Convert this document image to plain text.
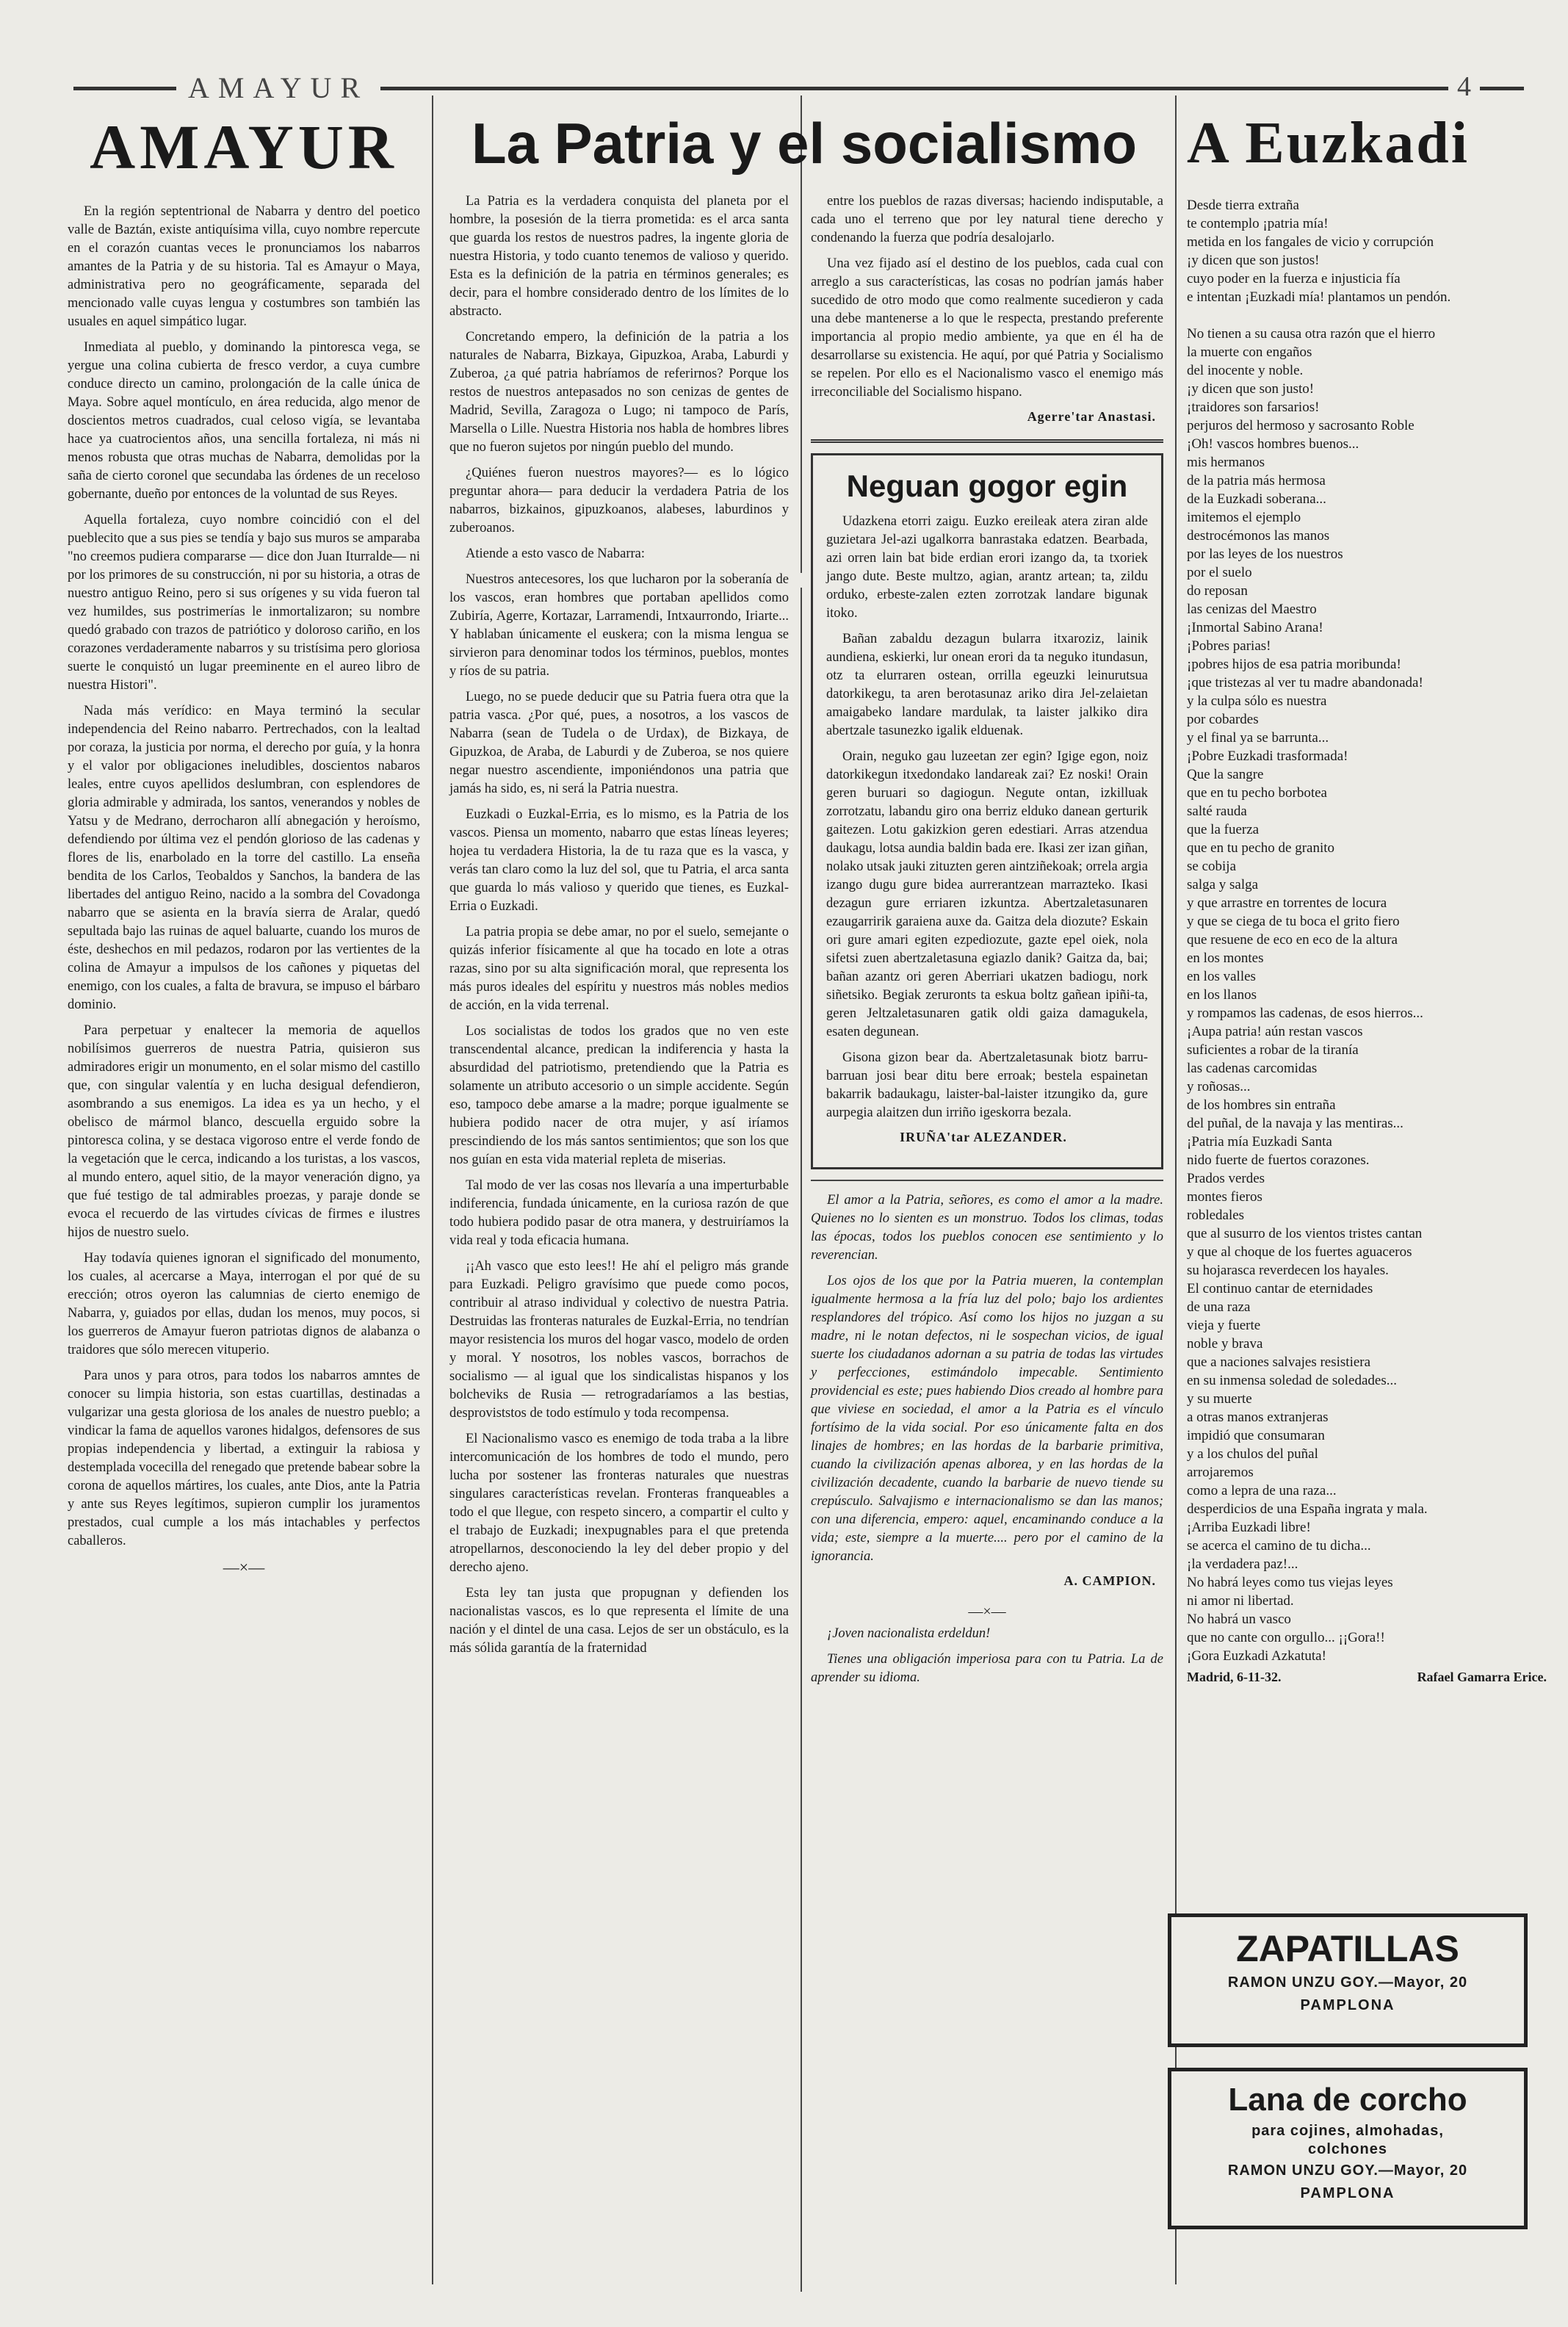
AMAYUR	4
AMAYUR

En la región septentrional de Nabarra y dentro del poetico valle de Baztán, existe antiquísima villa, cuyo nombre repercute en el corazón cuantas veces le pronunciamos los nabarros amantes de la Patria y de su historia. Tal es Amayur o Maya, administrativa pero no geográficamente, separada del mencionado valle cuyas lengua y costumbres son también las usuales en aquel simpático lugar.

Inmediata al pueblo, y dominando la pintoresca vega, se yergue una colina cubierta de fresco verdor, a cuya cumbre conduce directo un camino, prolongación de la calle única de Maya. Sobre aquel montículo, en área reducida, algo menor de doscientos metros cuadrados, cual celoso vigía, se levantaba hace ya cuatrocientos años, una sencilla fortaleza, ni más ni menos robusta que otras muchas de Nabarra, demolidas por la saña de cierto coronel que secundaba las órdenes de un receloso gobernante, dueño por entonces de la voluntad de sus Reyes.

Aquella fortaleza, cuyo nombre coincidió con el del pueblecito que a sus pies se tendía y bajo sus muros se amparaba "no creemos pudiera compararse — dice don Juan Iturralde— ni por los primores de su construcción, ni por su historia, a otras de nuestro antiguo Reino, pero si sus orígenes y su vida fueron tal vez humildes, sus postrimerías le inmortalizaron; su nombre quedó grabado con trazos de patriótico y doloroso cariño, en los corazones verdaderamente nabarros y su tristísima pero gloriosa suerte le conquistó un lugar preeminente en el aureo libro de nuestra Histori".

Nada más verídico: en Maya terminó la secular independencia del Reino nabarro. Pertrechados, con la lealtad por coraza, la justicia por norma, el derecho por guía, y la honra y el valor por obligaciones ineludibles, doscientos nabaros leales, entre cuyos apellidos deslumbran, con esplendores de gloria admirable y admirada, los santos, venerandos y nobles de Yatsu y de Medrano, derrocharon allí abnegación y heroísmo, defendiendo por última vez el pendón glorioso de las cadenas y flores de lis, enarbolado en la torre del castillo. La enseña bendita de los Carlos, Teobaldos y Sanchos, la bandera de las libertades del antiguo Reino, nacido a la sombra del Covadonga nabarro que se asienta en la bravía sierra de Aralar, quedó sepultada bajo las ruinas de aquel baluarte, cuando los muros de éste, deshechos en mil pedazos, rodaron por las vertientes de la colina de Amayur a impulsos de los cañones y piquetas del enemigo, con los cuales, a falta de bravura, se impuso el bárbaro dominio.

Para perpetuar y enaltecer la memoria de aquellos nobilísimos guerreros de nuestra Patria, quisieron sus admiradores erigir un monumento, en el solar mismo del castillo que, con singular valentía y en lucha desigual defendieron, asombrando a sus enemigos. La idea es ya un hecho, y el obelisco de mármol blanco, descuella erguido sobre la pintoresca colina, y se destaca vigoroso entre el verde fondo de la vegetación que le cerca, indicando a los turistas, a los vascos, al mundo entero, aquel sitio, de la mayor veneración digno, ya que fué testigo de tal admirables proezas, y paraje donde se evoca el recuerdo de las virtudes cívicas de firmes e ilustres hijos de nuestro suelo.

Hay todavía quienes ignoran el significado del monumento, los cuales, al acercarse a Maya, interrogan el por qué de su erección; otros oyeron las calumnias de cierto enemigo de Nabarra, y, guiados por ellas, dudan los menos, muy pocos, si los guerreros de Amayur fueron patriotas dignos de alabanza o traidores que sólo merecen vituperio.

Para unos y para otros, para todos los nabarros amntes de conocer su limpia historia, son estas cuartillas, destinadas a vulgarizar una gesta gloriosa de los anales de nuestro pueblo; a vindicar la fama de aquellos varones hidalgos, defensores de sus propias independencia y libertad, a extinguir la rabiosa y destemplada vocecilla del renegado que pretende babear sobre la corona de aquellos mártires, los cuales, ante Dios, ante la Patria y ante sus Reyes legítimos, supieron cumplir los juramentos prestados, cual cumple a los más intachables y perfectos caballeros.

—×—
La Patria y el socialismo

La Patria es la verdadera conquista del planeta por el hombre, la posesión de la tierra prometida: es el arca santa que guarda los restos de nuestros padres, la ingente gloria de nuestra Historia, y todo cuanto tenemos de valioso y querido. Esta es la definición de la patria en términos generales; es decir, para el hombre considerado dentro de los límites de lo abstracto.

Concretando empero, la definición de la patria a los naturales de Nabarra, Bizkaya, Gipuzkoa, Araba, Laburdi y Zuberoa, ¿a qué patria habríamos de referirnos? Porque los restos de nuestros antepasados no son cenizas de gentes de Madrid, Sevilla, Zaragoza o Lugo; ni tampoco de París, Marsella o Lille. Nuestra Historia nos habla de hombres libres que no fueron sujetos por ningún pueblo del mundo.

¿Quiénes fueron nuestros mayores?— es lo lógico preguntar ahora— para deducir la verdadera Patria de los nabarros, bizkainos, gipuzkoanos, alabeses, laburdinos y zuberoanos.

Atiende a esto vasco de Nabarra:

Nuestros antecesores, los que lucharon por la soberanía de los vascos, eran hombres que portaban apellidos como Zubiría, Agerre, Kortazar, Larramendi, Intxaurrondo, Iriarte... Y hablaban únicamente el euskera; con la misma lengua se sirvieron para denominar todos los términos, pueblos, montes y ríos de su patria.

Luego, no se puede deducir que su Patria fuera otra que la patria vasca. ¿Por qué, pues, a nosotros, a los vascos de Nabarra (sean de Tudela o de Urdax), de Bizkaya, de Gipuzkoa, de Araba, de Laburdi y de Zuberoa, se nos quiere negar nuestro ascendiente, imponiéndonos una patria que jamás ha sido, es, ni será la Patria nuestra.

Euzkadi o Euzkal-Erria, es lo mismo, es la Patria de los vascos. Piensa un momento, nabarro que estas líneas leyeres; hojea tu verdadera Historia, la de tu raza que es la vasca, y verás tan claro como la luz del sol, que tu Patria, el arca santa que guarda lo más valioso y querido que tienes, es Euzkal-Erria o Euzkadi.

La patria propia se debe amar, no por el suelo, semejante o quizás inferior físicamente al que ha tocado en lote a otras razas, sino por su alta significación moral, que representa los más puros ideales del espíritu y nuestros más nobles medios de acción, en la vida terrenal.

Los socialistas de todos los grados que no ven este transcendental alcance, predican la indiferencia y hasta la absurdidad del patriotismo, pretendiendo que la Patria es solamente un atributo accesorio o un simple accidente. Según eso, tampoco debe amarse a la madre; porque igualmente se hubiera podido nacer de otra mujer, y así iríamos prescindiendo de los más santos sentimientos; que son los que nos guían en esta vida material repleta de miserias.

Tal modo de ver las cosas nos llevaría a una imperturbable indiferencia, fundada únicamente, en la curiosa razón de que todo hubiera podido pasar de otra manera, y destruiríamos la vida real y toda eficacia humana.

¡¡Ah vasco que esto lees!! He ahí el peligro más grande para Euzkadi. Peligro gravísimo que puede como pocos, contribuir al atraso individual y colectivo de nuestra Patria. Destruidas las fronteras naturales de Euzkal-Erria, no tendrían mayor resistencia los muros del hogar vasco, modelo de orden y moral. Y nosotros, los nobles vascos, borrachos de socialismo — al igual que los sindicalistas hispanos y los bolcheviks de Rusia — retrogradaríamos a las bestias, desproviststos de todo estímulo y toda recompensa.

El Nacionalismo vasco es enemigo de toda traba a la libre intercomunicación de los hombres de todo el mundo, pero lucha por sostener las fronteras naturales que nuestras singulares características revelan. Fronteras franqueables a todo el que llegue, con respeto sincero, a compartir el culto y el trabajo de Euzkadi; inexpugnables para el que pretenda atropellarnos, desconociendo la ley del deber propio y del derecho ajeno.

Esta ley tan justa que propugnan y defienden los nacionalistas vascos, es lo que representa el límite de una nación y el dintel de una casa. Lejos de ser un obstáculo, es la más sólida garantía de la fraternidad

entre los pueblos de razas diversas; haciendo indisputable, a cada uno el terreno que por ley natural tiene derecho y condenando la fuerza que podría desalojarlo.

Una vez fijado así el destino de los pueblos, cada cual con arreglo a sus características, las cosas no podrían jamás haber sucedido de otro modo que como realmente sucedieron y cada una debe mantenerse a lo que le respecta, prestando preferente importancia al propio medio ambiente, ya que en él ha de desarrollarse su existencia. He aquí, por qué Patria y Socialismo se repelen. Por ello es el Nacionalismo vasco el enemigo más irreconciliable del Socialismo hispano.

Agerre'tar Anastasi.
Neguan gogor egin

Udazkena etorri zaigu. Euzko ereileak atera ziran alde guzietara Jel-azi ugalkorra banrastaka edatzen. Bearbada, azi orren lain bat bide erdian erori izango da, ta txoriek jango dute. Beste multzo, agian, arantz artean; ta, zildu orduko, erbeste-zalen ezten zorrotzak landare bigunak itoko.

Bañan zabaldu dezagun bularra itxaroziz, lainik aundiena, eskierki, lur onean erori da ta neguko itundasun, otz ta elurraren ostean, orrilla egeuzki leinurutsua datorkikegu, ta aren berotasunaz ariko dira Jel-zelaietan amaigabeko landare mardulak, ta laister jalkiko dira abertzale tasunezko igalik elduenak.

Orain, neguko gau luzeetan zer egin? Igige egon, noiz datorkikegun itxedondako landareak zai? Ez noski! Orain geren buruari so dagiogun. Negute ontan, izkilluak zorrotzatu, labandu giro ona berriz elduko danean gerturik gaitezen. Lotu gakizkion geren edestiari. Arras atzendua daukagu, lotsa aundia baldin bada ere. Ikasi zer izan giñan, nolako utsak jauki zituzten geren aintziñekoak; orrela argia izango dugu gure bidea aurrerantzean marrazteko. Ikasi dezagun gure erriaren izkuntza. Abertzaletasunaren ezaugarririk garaiena auxe da. Gaitza dela diozute? Eskain ori gure amari egiten ezpediozute, gazte epel oiek, nola sifetsi zuen abertzaletasuna egiazlo danik? Gaitza da, bai; bañan azantz ori geren Aberriari ukatzen badiogu, nork siñetsiko. Begiak zeruronts ta eskua boltz gañean ipiñi-ta, geren Jeltzaletasunaren gatik oldi gaiza damagukela, esaten degunean.

Gisona gizon bear da. Abertzaletasunak biotz barru-barruan josi bear ditu bere erroak; bestela espainetan bakarrik badaukagu, laister-bal-laister itzungiko da, gure aurpegia alaitzen dun irriño igeskorra bezala.

IRUÑA'tar ALEZANDER.

El amor a la Patria, señores, es como el amor a la madre. Quienes no lo sienten es un monstruo. Todos los climas, todas las épocas, todos los pueblos conocen ese sentimiento y lo reverencian.

Los ojos de los que por la Patria mueren, la contemplan igualmente hermosa a la fría luz del polo; bajo los ardientes resplandores del trópico. Así como los hijos no juzgan a su madre, ni le notan defectos, ni le sospechan vicios, de igual suerte los ciudadanos adornan a su patria de todas las virtudes y perfecciones, estimándolo impecable. Sentimiento providencial es este; pues habiendo Dios creado al hombre para que viviese en sociedad, el amor a la Patria es el vínculo fortísimo de la vida social. Por eso únicamente falta en dos linajes de hombres; en las hordas de la barbarie primitiva, cuando la civilización apenas alborea, y en las hordas de la civilización decadente, cuando la barbarie de nuevo tiende su crepúsculo. Salvajismo e internacionalismo se dan las manos; con una diferencia, empero: aquel, encaminando conduce a la vida; este, siempre a la muerte.... pero por el camino de la ignorancia.

A. CAMPION.
—×—

¡Joven nacionalista erdeldun!

Tienes una obligación imperiosa para con tu Patria. La de aprender su idioma.

A Euzkadi
Desde tierra extraña
te contemplo ¡patria mía!
metida en los fangales de vicio y corrupción
¡y dicen que son justos!
cuyo poder en la fuerza e injusticia fía
e intentan ¡Euzkadi mía! plantamos un pendón.

No tienen a su causa otra razón que el hierro
la muerte con engaños
del inocente y noble.
¡y dicen que son justo!
¡traidores son farsarios!
perjuros del hermoso y sacrosanto Roble
¡Oh! vascos hombres buenos...
mis hermanos
de la patria más hermosa
de la Euzkadi soberana...
imitemos el ejemplo
destrocémonos las manos
por las leyes de los nuestros
por el suelo
do reposan
las cenizas del Maestro
¡Inmortal Sabino Arana!
¡Pobres parias!
¡pobres hijos de esa patria moribunda!
¡que tristezas al ver tu madre abandonada!
y la culpa sólo es nuestra
por cobardes
y el final ya se barrunta...
¡Pobre Euzkadi trasformada!
Que la sangre
que en tu pecho borbotea
salté rauda
que la fuerza
que en tu pecho de granito
se cobija
salga y salga
y que arrastre en torrentes de locura
y que se ciega de tu boca el grito fiero
que resuene de eco en eco de la altura
en los montes
en los valles
en los llanos
y rompamos las cadenas, de esos hierros...
¡Aupa patria! aún restan vascos
suficientes a robar de la tiranía
las cadenas carcomidas
y roñosas...
de los hombres sin entraña
del puñal, de la navaja y las mentiras...
¡Patria mía Euzkadi Santa
nido fuerte de fuertos corazones.
Prados verdes
montes fieros
robledales
que al susurro de los vientos tristes cantan
y que al choque de los fuertes aguaceros
su hojarasca reverdecen los hayales.
El continuo cantar de eternidades
de una raza
vieja y fuerte
noble y brava
que a naciones salvajes resistiera
en su inmensa soledad de soledades...
y su muerte
a otras manos extranjeras
impidió que consumaran
y a los chulos del puñal
arrojaremos
como a lepra de una raza...
desperdicios de una España ingrata y mala.
¡Arriba Euzkadi libre!
se acerca el camino de tu dicha...
¡la verdadera paz!...
No habrá leyes como tus viejas leyes
ni amor ni libertad.
No habrá un vasco
que no cante con orgullo... ¡¡Gora!!
¡Gora Euzkadi Azkatuta!
Madrid, 6-11-32.	Rafael Gamarra Erice.
ZAPATILLAS
RAMON UNZU GOY.—Mayor, 20
PAMPLONA
Lana de corcho
para cojines, almohadas,
colchones
RAMON UNZU GOY.—Mayor, 20
PAMPLONA
